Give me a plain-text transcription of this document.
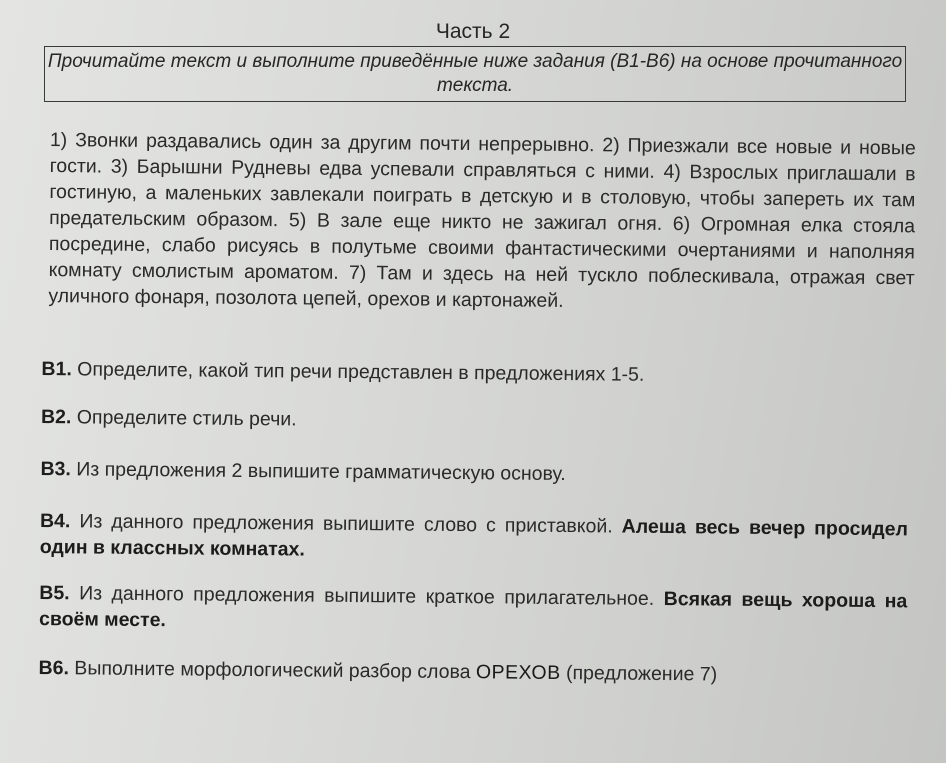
Часть 2
Прочитайте текст и выполните приведённые ниже задания (В1-В6) на основе прочитанного текста.
1) Звонки раздавались один за другим почти непрерывно. 2) Приезжали все новые и новые гости. 3) Барышни Рудневы едва успевали справляться с ними. 4) Взрослых приглашали в гостиную, а маленьких завлекали поиграть в детскую и в столовую, чтобы запереть их там предательским образом. 5) В зале еще никто не зажигал огня. 6) Огромная елка стояла посредине, слабо рисуясь в полутьме своими фантастическими очертаниями и наполняя комнату смолистым ароматом. 7) Там и здесь на ней тускло поблескивала, отражая свет уличного фонаря, позолота цепей, орехов и картонажей.
В1. Определите, какой тип речи представлен в предложениях 1-5.
В2. Определите стиль речи.
В3. Из предложения 2 выпишите грамматическую основу.
В4. Из данного предложения выпишите слово с приставкой. Алеша весь вечер просидел один в классных комнатах.
В5. Из данного предложения выпишите краткое прилагательное. Всякая вещь хороша на своём месте.
В6. Выполните морфологический разбор слова ОРЕХОВ (предложение 7)
